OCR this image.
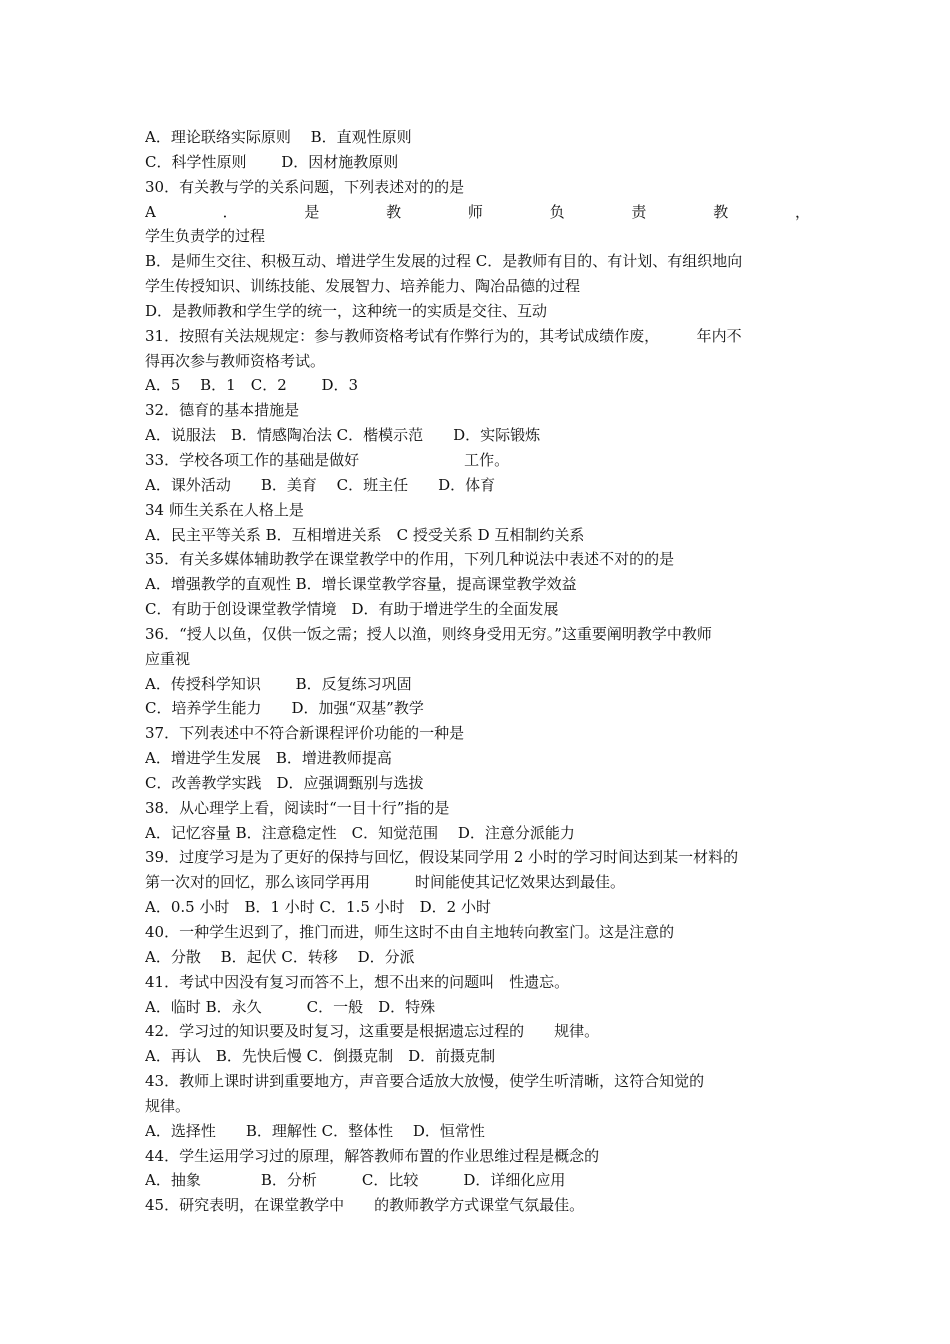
A．理论联络实际原则　 B．直观性原则
C．科学性原则　　 D．因材施教原则
30．有关教与学的关系问题，下列表述对的的是
A	．	是	教	师	负	责	教	，
学生负责学的过程
B．是师生交往、积极互动、增进学生发展的过程 C．是教师有目的、有计划、有组织地向
学生传授知识、训练技能、发展智力、培养能力、陶冶品德的过程
D．是教师教和学生学的统一，这种统一的实质是交往、互动
31．按照有关法规规定：参与教师资格考试有作弊行为的，其考试成绩作废，　　　年内不
得再次参与教师资格考试。
A．5　 B．1　C．2　　 D．3
32．德育的基本措施是
A．说服法　B．情感陶冶法 C．楷模示范　　D．实际锻炼
33．学校各项工作的基础是做好　　　　　　　工作。
A．课外活动　　B．美育　 C．班主任　　D．体育
34 师生关系在人格上是
A．民主平等关系 B．互相增进关系　C 授受关系 D 互相制约关系
35．有关多媒体辅助教学在课堂教学中的作用，下列几种说法中表述不对的的是
A．增强教学的直观性 B．增长课堂教学容量，提高课堂教学效益
C．有助于创设课堂教学情境　D．有助于增进学生的全面发展
36．“授人以鱼，仅供一饭之需；授人以渔，则终身受用无穷。”这重要阐明教学中教师
应重视
A．传授科学知识　　 B．反复练习巩固
C．培养学生能力　　D．加强“双基”教学
37．下列表述中不符合新课程评价功能的一种是
A．增进学生发展　B．增进教师提高
C．改善教学实践　D．应强调甄别与选拔
38．从心理学上看，阅读时“一目十行”指的是
A．记忆容量 B．注意稳定性　C．知觉范围　 D．注意分派能力
39．过度学习是为了更好的保持与回忆，假设某同学用 2 小时的学习时间达到某一材料的
第一次对的回忆，那么该同学再用　　　时间能使其记忆效果达到最佳。
A．0.5 小时　B．1 小时 C．1.5 小时　D．2 小时
40．一种学生迟到了，推门而进，师生这时不由自主地转向教室门。这是注意的
A．分散　 B．起伏 C．转移　 D．分派
41．考试中因没有复习而答不上，想不出来的问题叫　性遗忘。
A．临时 B．永久　　　C．一般　D．特殊
42．学习过的知识要及时复习，这重要是根据遗忘过程的　　规律。
A．再认　B．先快后慢 C．倒摄克制　D．前摄克制
43．教师上课时讲到重要地方，声音要合适放大放慢，使学生听清晰，这符合知觉的
规律。
A．选择性　　B．理解性 C．整体性　 D．恒常性
44．学生运用学习过的原理，解答教师布置的作业思维过程是概念的
A．抽象　　　　B．分析　　　C．比较　　　D．详细化应用
45．研究表明，在课堂教学中　　的教师教学方式课堂气氛最佳。
